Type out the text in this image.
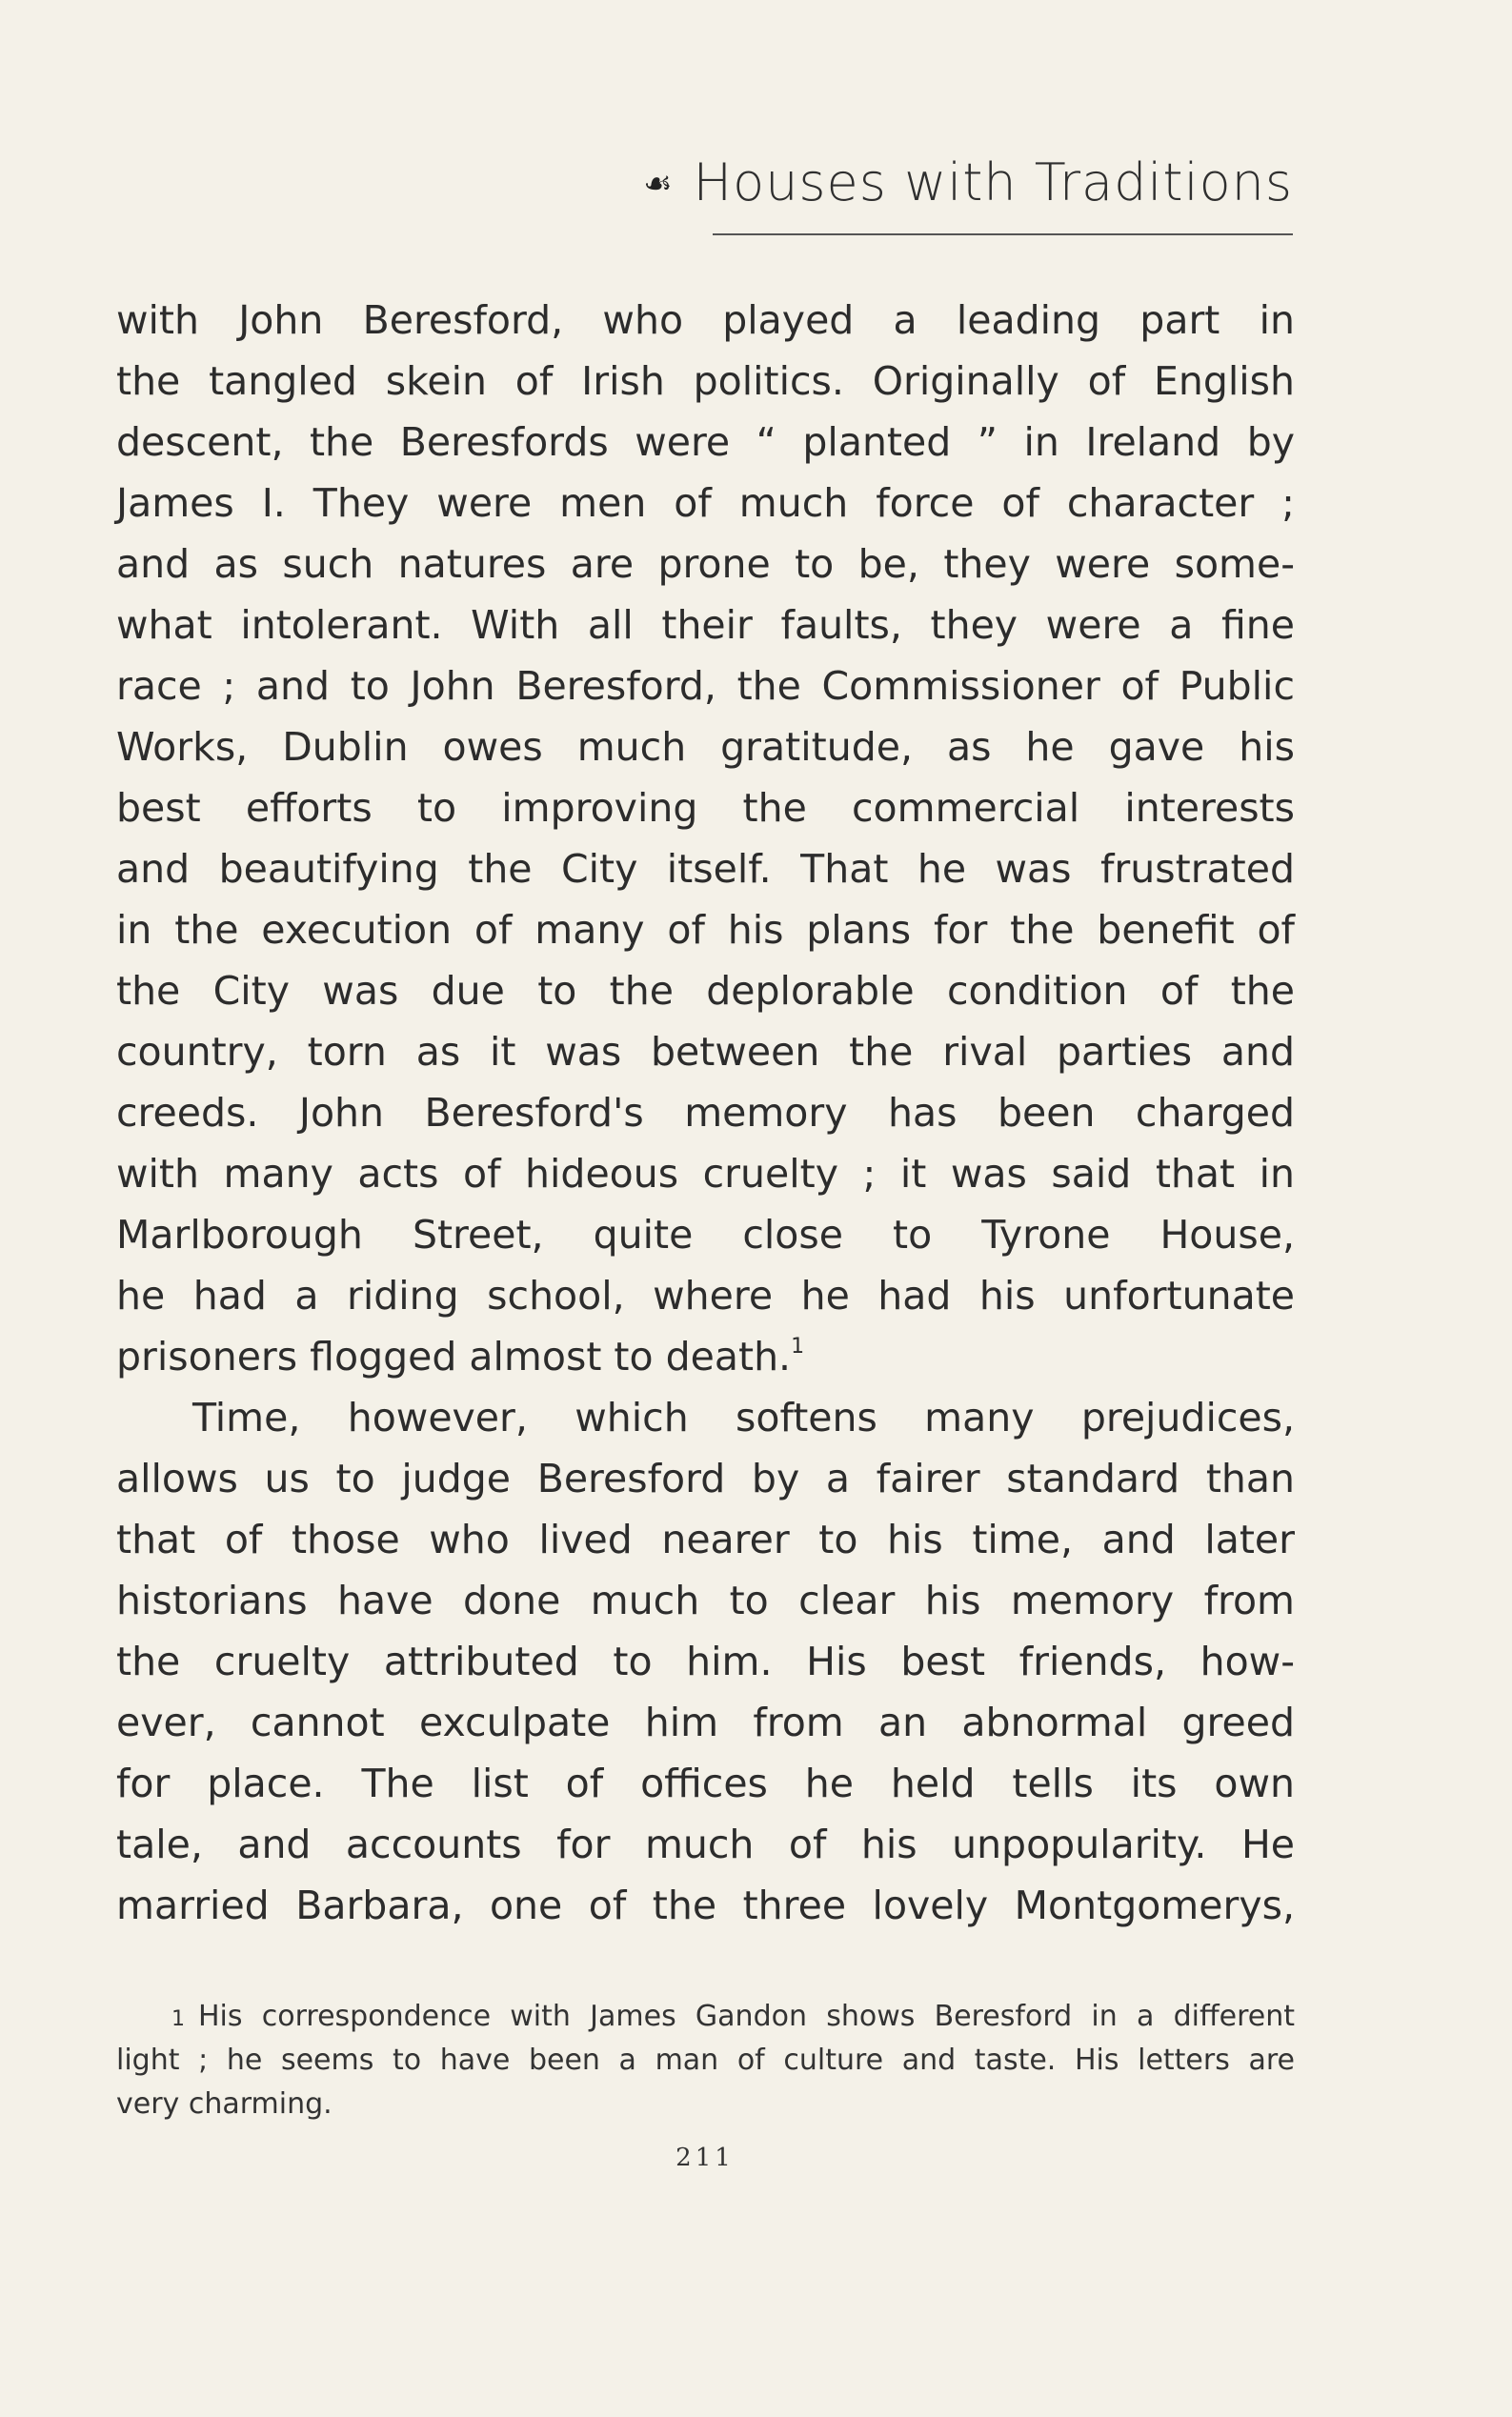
☙ Houses with Traditions
with John Beresford, who played a leading part in
the tangled skein of Irish politics. Originally of English
descent, the Beresfords were “ planted ” in Ireland by
James I. They were men of much force of character ;
and as such natures are prone to be, they were some-
what intolerant. With all their faults, they were a fine
race ; and to John Beresford, the Commissioner of Public
Works, Dublin owes much gratitude, as he gave his
best efforts to improving the commercial interests
and beautifying the City itself. That he was frustrated
in the execution of many of his plans for the benefit of
the City was due to the deplorable condition of the
country, torn as it was between the rival parties and
creeds. John Beresford's memory has been charged
with many acts of hideous cruelty ; it was said that in
Marlborough Street, quite close to Tyrone House,
he had a riding school, where he had his unfortunate
prisoners flogged almost to death.$^1$
Time, however, which softens many prejudices,
allows us to judge Beresford by a fairer standard than
that of those who lived nearer to his time, and later
historians have done much to clear his memory from
the cruelty attributed to him. His best friends, how-
ever, cannot exculpate him from an abnormal greed
for place. The list of offices he held tells its own
tale, and accounts for much of his unpopularity. He
married Barbara, one of the three lovely Montgomerys,
1 His correspondence with James Gandon shows Beresford in a different
light ; he seems to have been a man of culture and taste. His letters are
very charming.
211
